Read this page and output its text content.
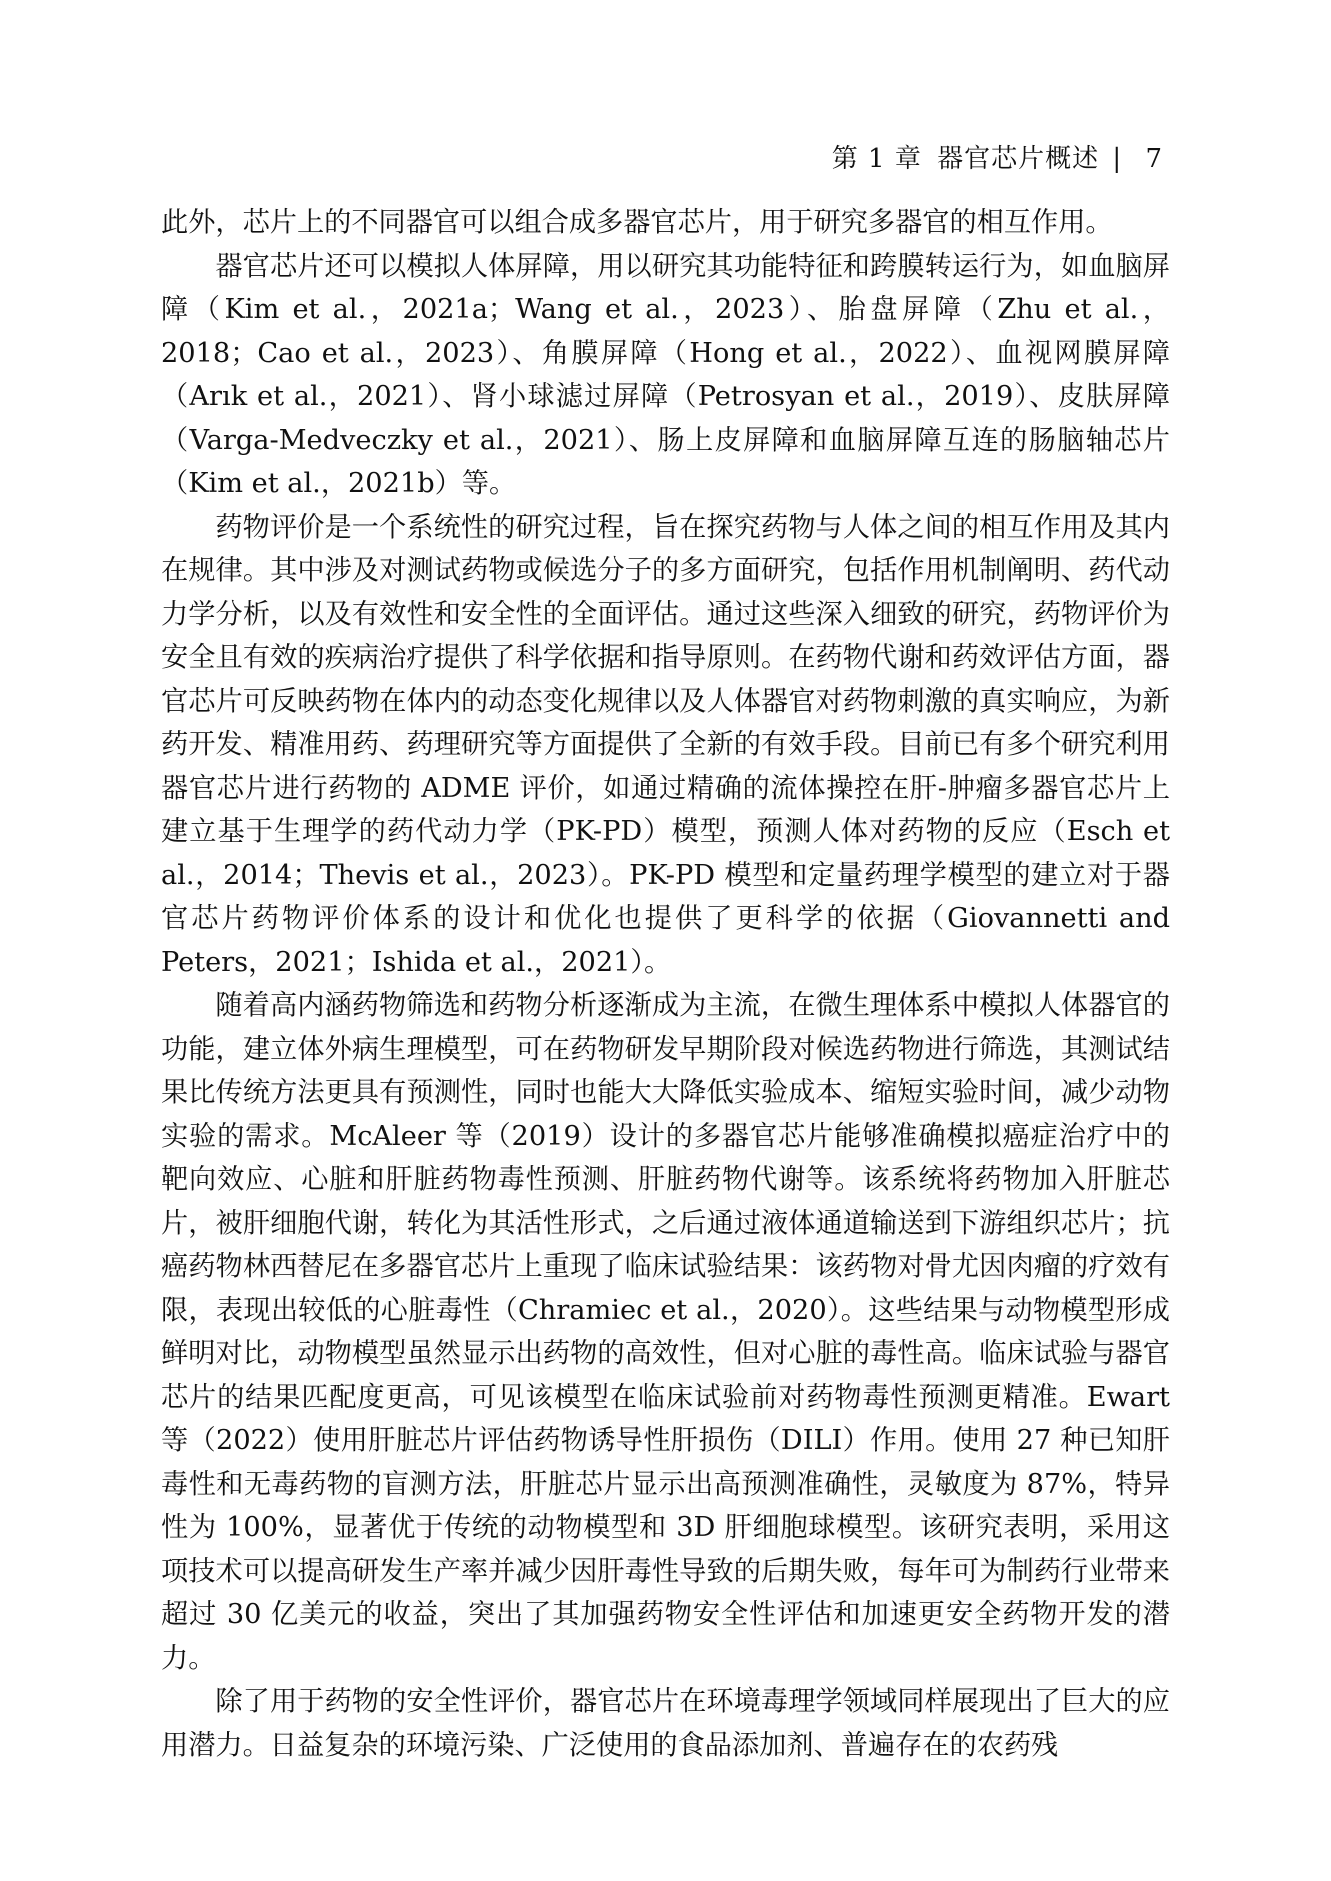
第 1 章 器官芯片概述 | 7

此外，芯片上的不同器官可以组合成多器官芯片，用于研究多器官的相互作用。

器官芯片还可以模拟人体屏障，用以研究其功能特征和跨膜转运行为，如血脑屏障（Kim et al.，2021a；Wang et al.，2023）、胎盘屏障（Zhu et al.，2018；Cao et al.，2023）、角膜屏障（Hong et al.，2022）、血视网膜屏障（Arık et al.，2021）、肾小球滤过屏障（Petrosyan et al.，2019）、皮肤屏障（Varga-Medveczky et al.，2021）、肠上皮屏障和血脑屏障互连的肠脑轴芯片（Kim et al.，2021b）等。

药物评价是一个系统性的研究过程，旨在探究药物与人体之间的相互作用及其内在规律。其中涉及对测试药物或候选分子的多方面研究，包括作用机制阐明、药代动力学分析，以及有效性和安全性的全面评估。通过这些深入细致的研究，药物评价为安全且有效的疾病治疗提供了科学依据和指导原则。在药物代谢和药效评估方面，器官芯片可反映药物在体内的动态变化规律以及人体器官对药物刺激的真实响应，为新药开发、精准用药、药理研究等方面提供了全新的有效手段。目前已有多个研究利用器官芯片进行药物的 ADME 评价，如通过精确的流体操控在肝-肿瘤多器官芯片上建立基于生理学的药代动力学（PK-PD）模型，预测人体对药物的反应（Esch et al.，2014；Thevis et al.，2023）。PK-PD 模型和定量药理学模型的建立对于器官芯片药物评价体系的设计和优化也提供了更科学的依据（Giovannetti and Peters，2021；Ishida et al.，2021）。

随着高内涵药物筛选和药物分析逐渐成为主流，在微生理体系中模拟人体器官的功能，建立体外病生理模型，可在药物研发早期阶段对候选药物进行筛选，其测试结果比传统方法更具有预测性，同时也能大大降低实验成本、缩短实验时间，减少动物实验的需求。McAleer 等（2019）设计的多器官芯片能够准确模拟癌症治疗中的靶向效应、心脏和肝脏药物毒性预测、肝脏药物代谢等。该系统将药物加入肝脏芯片，被肝细胞代谢，转化为其活性形式，之后通过液体通道输送到下游组织芯片；抗癌药物林西替尼在多器官芯片上重现了临床试验结果：该药物对骨尤因肉瘤的疗效有限，表现出较低的心脏毒性（Chramiec et al.，2020）。这些结果与动物模型形成鲜明对比，动物模型虽然显示出药物的高效性，但对心脏的毒性高。临床试验与器官芯片的结果匹配度更高，可见该模型在临床试验前对药物毒性预测更精准。Ewart 等（2022）使用肝脏芯片评估药物诱导性肝损伤（DILI）作用。使用 27 种已知肝毒性和无毒药物的盲测方法，肝脏芯片显示出高预测准确性，灵敏度为 87%，特异性为 100%，显著优于传统的动物模型和 3D 肝细胞球模型。该研究表明，采用这项技术可以提高研发生产率并减少因肝毒性导致的后期失败，每年可为制药行业带来超过 30 亿美元的收益，突出了其加强药物安全性评估和加速更安全药物开发的潜力。

除了用于药物的安全性评价，器官芯片在环境毒理学领域同样展现出了巨大的应用潜力。日益复杂的环境污染、广泛使用的食品添加剂、普遍存在的农药残
